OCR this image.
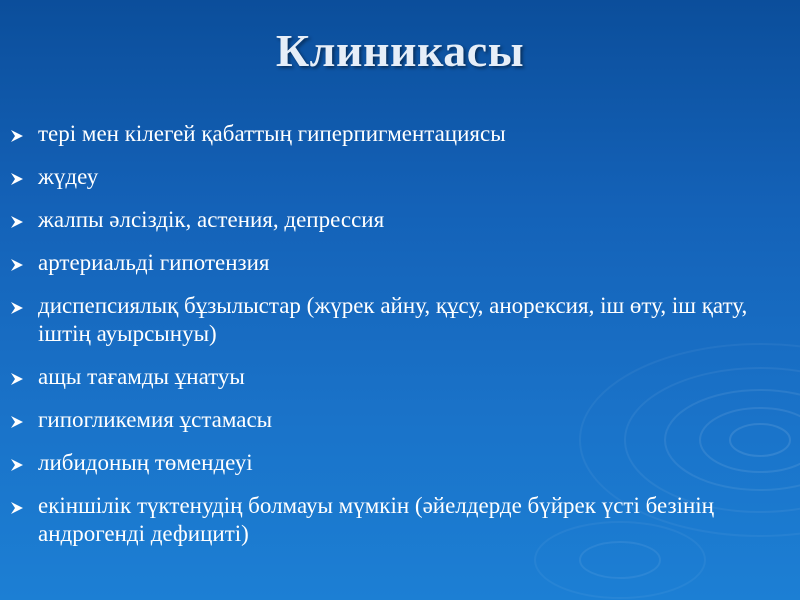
Клиникасы
тері мен кілегей қабаттың гиперпигментациясы
жүдеу
жалпы әлсіздік, астения, депрессия
артериальді гипотензия
диспепсиялық бұзылыстар (жүрек айну, құсу, анорексия, іш өту, іш қату, іштің ауырсынуы)
ащы тағамды ұнатуы
гипогликемия ұстамасы
либидоның төмендеуі
екіншілік түктенудің болмауы мүмкін (әйелдерде бүйрек үсті безінің андрогенді дефициті)
